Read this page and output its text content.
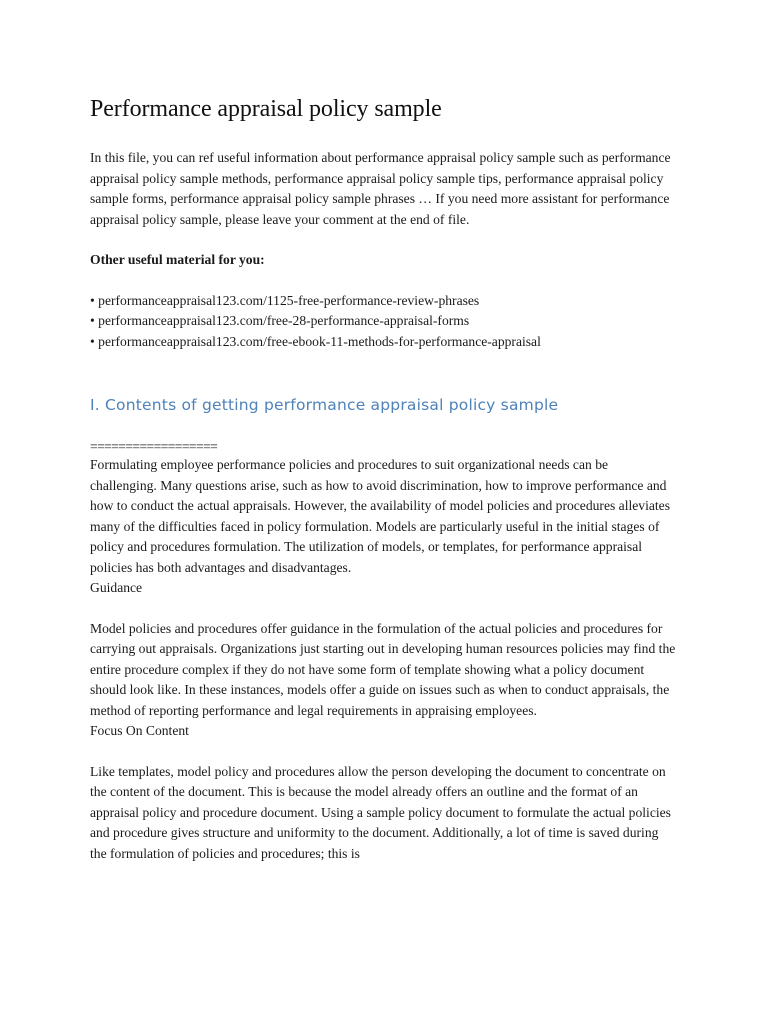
Performance appraisal policy sample

In this file, you can ref useful information about performance appraisal policy sample such as performance appraisal policy sample methods, performance appraisal policy sample tips, performance appraisal policy sample forms, performance appraisal policy sample phrases … If you need more assistant for performance appraisal policy sample, please leave your comment at the end of file.

Other useful material for you:

• performanceappraisal123.com/1125-free-performance-review-phrases
• performanceappraisal123.com/free-28-performance-appraisal-forms
• performanceappraisal123.com/free-ebook-11-methods-for-performance-appraisal
I. Contents of getting performance appraisal policy sample
==================

Formulating employee performance policies and procedures to suit organizational needs can be challenging. Many questions arise, such as how to avoid discrimination, how to improve performance and how to conduct the actual appraisals. However, the availability of model policies and procedures alleviates many of the difficulties faced in policy formulation. Models are particularly useful in the initial stages of policy and procedures formulation. The utilization of models, or templates, for performance appraisal policies has both advantages and disadvantages.

Guidance

Model policies and procedures offer guidance in the formulation of the actual policies and procedures for carrying out appraisals. Organizations just starting out in developing human resources policies may find the entire procedure complex if they do not have some form of template showing what a policy document should look like. In these instances, models offer a guide on issues such as when to conduct appraisals, the method of reporting performance and legal requirements in appraising employees.

Focus On Content

Like templates, model policy and procedures allow the person developing the document to concentrate on the content of the document. This is because the model already offers an outline and the format of an appraisal policy and procedure document. Using a sample policy document to formulate the actual policies and procedure gives structure and uniformity to the document. Additionally, a lot of time is saved during the formulation of policies and procedures; this is
